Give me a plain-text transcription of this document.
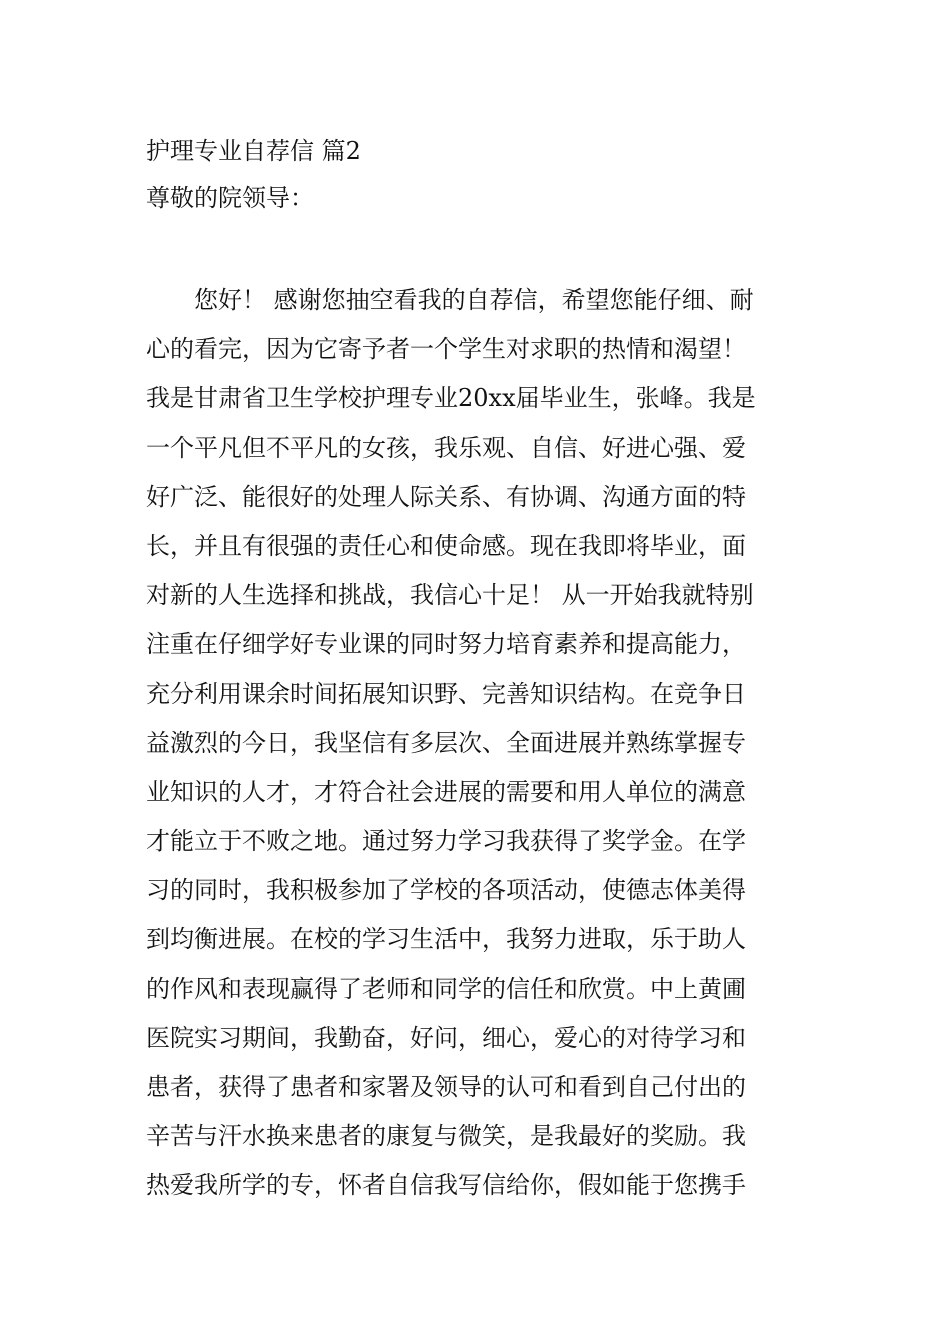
护理专业自荐信 篇2

尊敬的院领导：

　　您好！ 感谢您抽空看我的自荐信，希望您能仔细、耐

心的看完，因为它寄予者一个学生对求职的热情和渴望！

我是甘肃省卫生学校护理专业20xx届毕业生，张峰。我是

一个平凡但不平凡的女孩，我乐观、自信、好进心强、爱

好广泛、能很好的处理人际关系、有协调、沟通方面的特

长，并且有很强的责任心和使命感。现在我即将毕业，面

对新的人生选择和挑战，我信心十足！ 从一开始我就特别

注重在仔细学好专业课的同时努力培育素养和提高能力，

充分利用课余时间拓展知识野、完善知识结构。在竞争日

益激烈的今日，我坚信有多层次、全面进展并熟练掌握专

业知识的人才，才符合社会进展的需要和用人单位的满意

才能立于不败之地。通过努力学习我获得了奖学金。在学

习的同时，我积极参加了学校的各项活动，使德志体美得

到均衡进展。在校的学习生活中，我努力进取，乐于助人

的作风和表现赢得了老师和同学的信任和欣赏。中上黄圃

医院实习期间，我勤奋，好问，细心，爱心的对待学习和

患者，获得了患者和家署及领导的认可和看到自己付出的

辛苦与汗水换来患者的康复与微笑，是我最好的奖励。我

热爱我所学的专，怀者自信我写信给你，假如能于您携手
